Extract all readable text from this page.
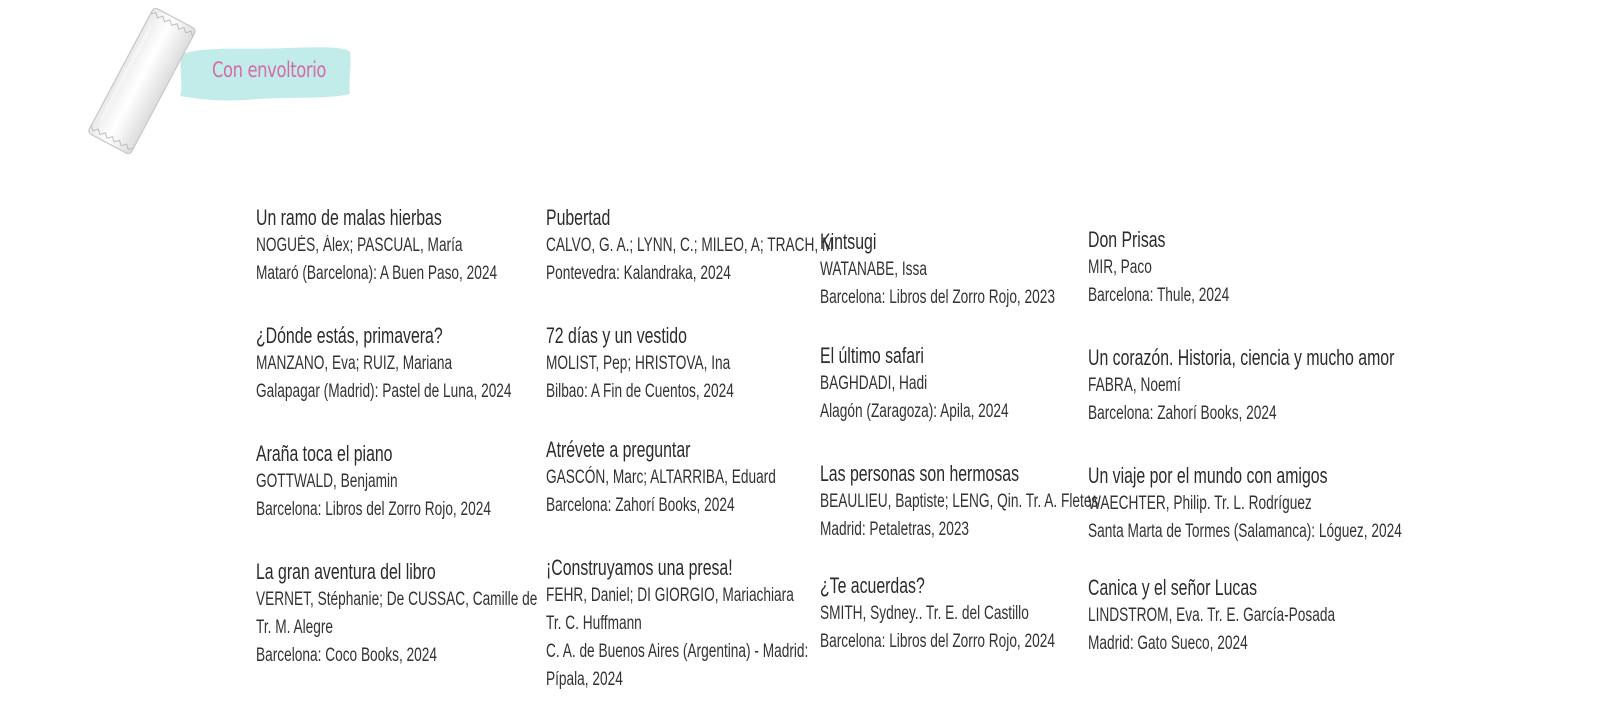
Con envoltorio
Un ramo de malas hierbas
NOGUÉS, Álex; PASCUAL, María
Mataró (Barcelona): A Buen Paso, 2024
¿Dónde estás, primavera?
MANZANO, Eva; RUIZ, Mariana
Galapagar (Madrid): Pastel de Luna, 2024
Araña toca el piano
GOTTWALD, Benjamin
Barcelona: Libros del Zorro Rojo, 2024
La gran aventura del libro
VERNET, Stéphanie; De CUSSAC, Camille de
Tr. M. Alegre
Barcelona: Coco Books, 2024
Pubertad
CALVO, G. A.; LYNN, C.; MILEO, A; TRACH, M
Pontevedra: Kalandraka, 2024
72 días y un vestido
MOLIST, Pep; HRISTOVA, Ina
Bilbao: A Fin de Cuentos, 2024
Atrévete a preguntar
GASCÓN, Marc; ALTARRIBA, Eduard
Barcelona: Zahorí Books, 2024
¡Construyamos una presa!
FEHR, Daniel; DI GIORGIO, Mariachiara
Tr. C. Huffmann
C. A. de Buenos Aires (Argentina) - Madrid:
Pípala, 2024
Kintsugi
WATANABE, Issa
Barcelona: Libros del Zorro Rojo, 2023
El último safari
BAGHDADI, Hadi
Alagón (Zaragoza): Apila, 2024
Las personas son hermosas
BEAULIEU, Baptiste; LENG, Qin. Tr. A. Fletes
Madrid: Petaletras, 2023
¿Te acuerdas?
SMITH, Sydney.. Tr. E. del Castillo
Barcelona: Libros del Zorro Rojo, 2024
Don Prisas
MIR, Paco
Barcelona: Thule, 2024
Un corazón. Historia, ciencia y mucho amor
FABRA, Noemí
Barcelona: Zahorí Books, 2024
Un viaje por el mundo con amigos
WAECHTER, Philip. Tr. L. Rodríguez
Santa Marta de Tormes (Salamanca): Lóguez, 2024
Canica y el señor Lucas
LINDSTROM, Eva. Tr. E. García-Posada
Madrid: Gato Sueco, 2024
